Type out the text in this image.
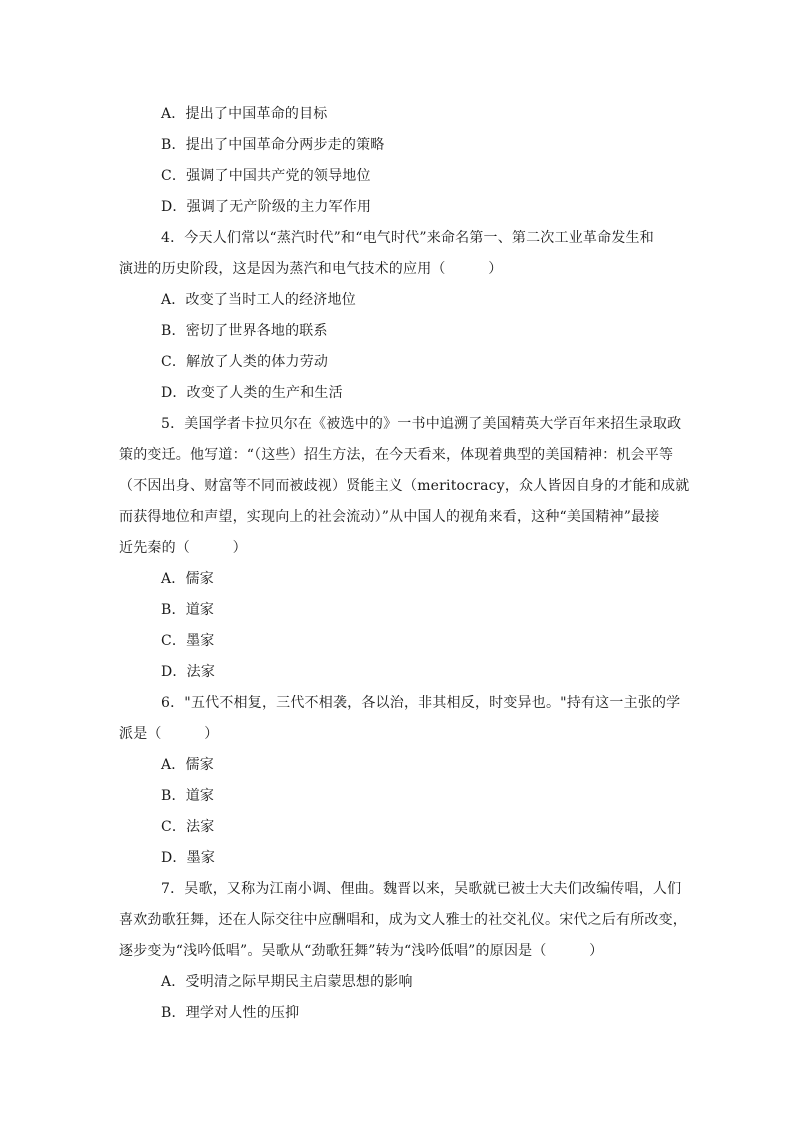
A．提出了中国革命的目标
B．提出了中国革命分两步走的策略
C．强调了中国共产党的领导地位
D．强调了无产阶级的主力军作用
4．今天人们常以“蒸汽时代”和“电气时代”来命名第一、第二次工业革命发生和
演进的历史阶段，这是因为蒸汽和电气技术的应用（　　　）
A．改变了当时工人的经济地位
B．密切了世界各地的联系
C．解放了人类的体力劳动
D．改变了人类的生产和生活
5．美国学者卡拉贝尔在《被选中的》一书中追溯了美国精英大学百年来招生录取政
策的变迁。他写道：“（这些）招生方法，在今天看来，体现着典型的美国精神：机会平等
（不因出身、财富等不同而被歧视）贤能主义（meritocracy，众人皆因自身的才能和成就
而获得地位和声望，实现向上的社会流动）”从中国人的视角来看，这种“美国精神”最接
近先秦的（　　　）
A．儒家
B．道家
C．墨家
D．法家
6．"五代不相复，三代不相袭，各以治，非其相反，时变异也。"持有这一主张的学
派是（　　　）
A．儒家
B．道家
C．法家
D．墨家
7．吴歌，又称为江南小调、俚曲。魏晋以来，吴歌就已被士大夫们改编传唱，人们
喜欢劲歌狂舞，还在人际交往中应酬唱和，成为文人雅士的社交礼仪。宋代之后有所改变，
逐步变为“浅吟低唱”。吴歌从“劲歌狂舞”转为“浅吟低唱”的原因是（　　　）
A．受明清之际早期民主启蒙思想的影响
B．理学对人性的压抑
